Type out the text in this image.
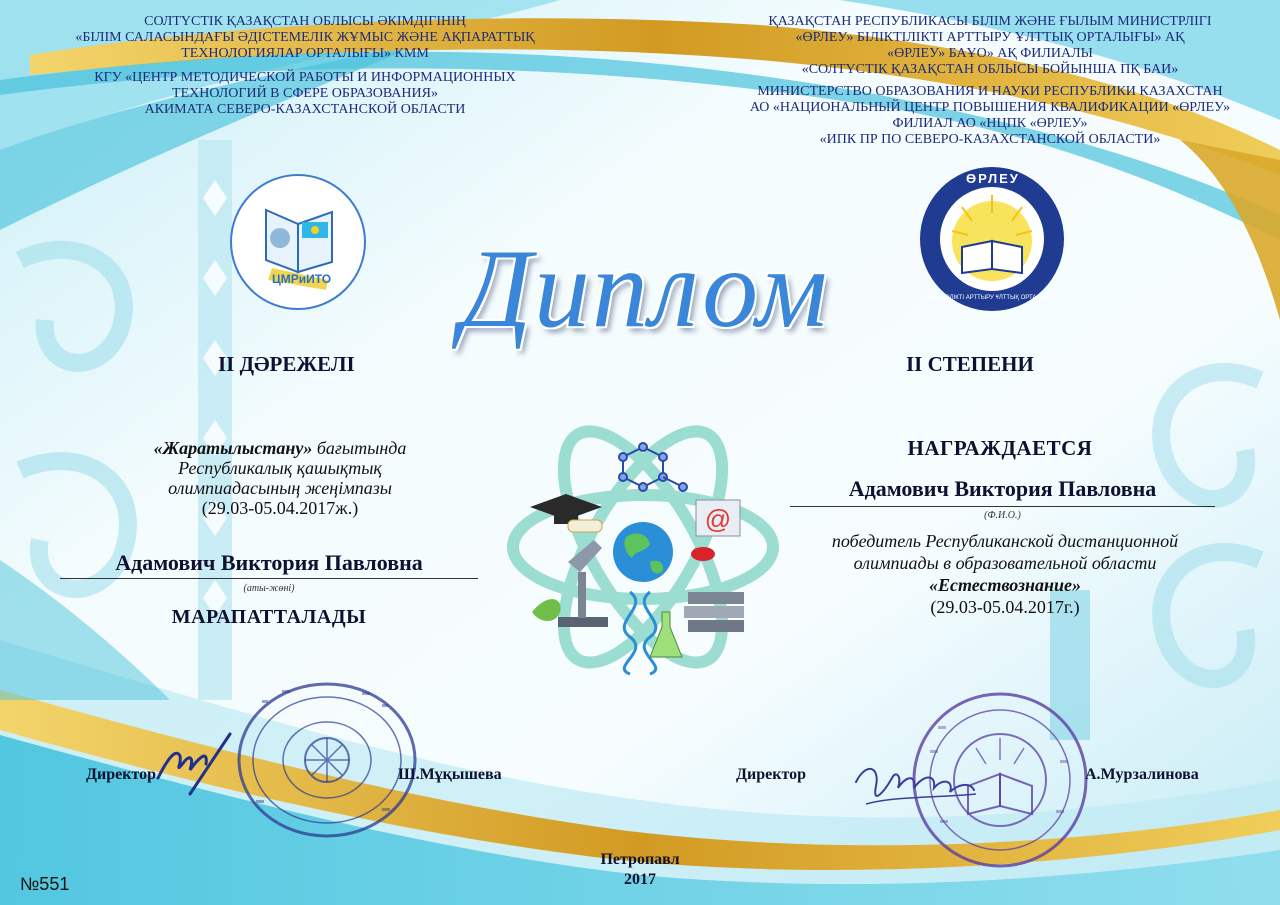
СОЛТҮСТІК ҚАЗАҚСТАН ОБЛЫСЫ ӘКІМДІГІНІҢ
«БІЛІМ САЛАСЫНДАҒЫ ӘДІСТЕМЕЛІК ЖҰМЫС ЖӘНЕ АҚПАРАТТЫҚ
ТЕХНОЛОГИЯЛАР ОРТАЛЫҒЫ» КММ
КГУ «ЦЕНТР МЕТОДИЧЕСКОЙ РАБОТЫ И ИНФОРМАЦИОННЫХ
ТЕХНОЛОГИЙ В СФЕРЕ ОБРАЗОВАНИЯ»
АКИМАТА СЕВЕРО-КАЗАХСТАНСКОЙ ОБЛАСТИ
ҚАЗАҚСТАН РЕСПУБЛИКАСЫ БІЛІМ ЖӘНЕ ҒЫЛЫМ МИНИСТРЛІГІ
«ӨРЛЕУ» БІЛІКТІЛІКТІ АРТТЫРУ ҰЛТТЫҚ ОРТАЛЫҒЫ» АҚ
«ӨРЛЕУ» БАҰО» АҚ ФИЛИАЛЫ
«СОЛТҮСТІК ҚАЗАҚСТАН ОБЛЫСЫ БОЙЫНША ПҚ БАИ»
МИНИСТЕРСТВО ОБРАЗОВАНИЯ И НАУКИ РЕСПУБЛИКИ КАЗАХСТАН
АО «НАЦИОНАЛЬНЫЙ ЦЕНТР ПОВЫШЕНИЯ КВАЛИФИКАЦИИ «ӨРЛЕУ»
ФИЛИАЛ АО «НЦПК «ӨРЛЕУ»
«ИПК ПР ПО СЕВЕРО-КАЗАХСТАНСКОЙ ОБЛАСТИ»
ЦМРиИТО
ӨРЛЕУ
БІЛІКТІЛІКТІ АРТТЫРУ ҰЛТТЫҚ ОРТАЛЫҒЫ
Диплом
II ДӘРЕЖЕЛІ	II СТЕПЕНИ
@
«Жаратылыстану» бағытында
Республикалық қашықтық
олимпиадасының жеңімпазы
(29.03-05.04.2017ж.)
Адамович Виктория Павловна
(аты-жөні)
МАРАПАТТАЛАДЫ
НАГРАЖДАЕТСЯ
Адамович Виктория Павловна
(Ф.И.О.)
победитель Республиканской дистанционной
олимпиады в образовательной области
«Естествознание»
(29.03-05.04.2017г.)
Директор	Ш.Мұқышева	Директор	А.Мурзалинова
Петропавл
2017
№551
